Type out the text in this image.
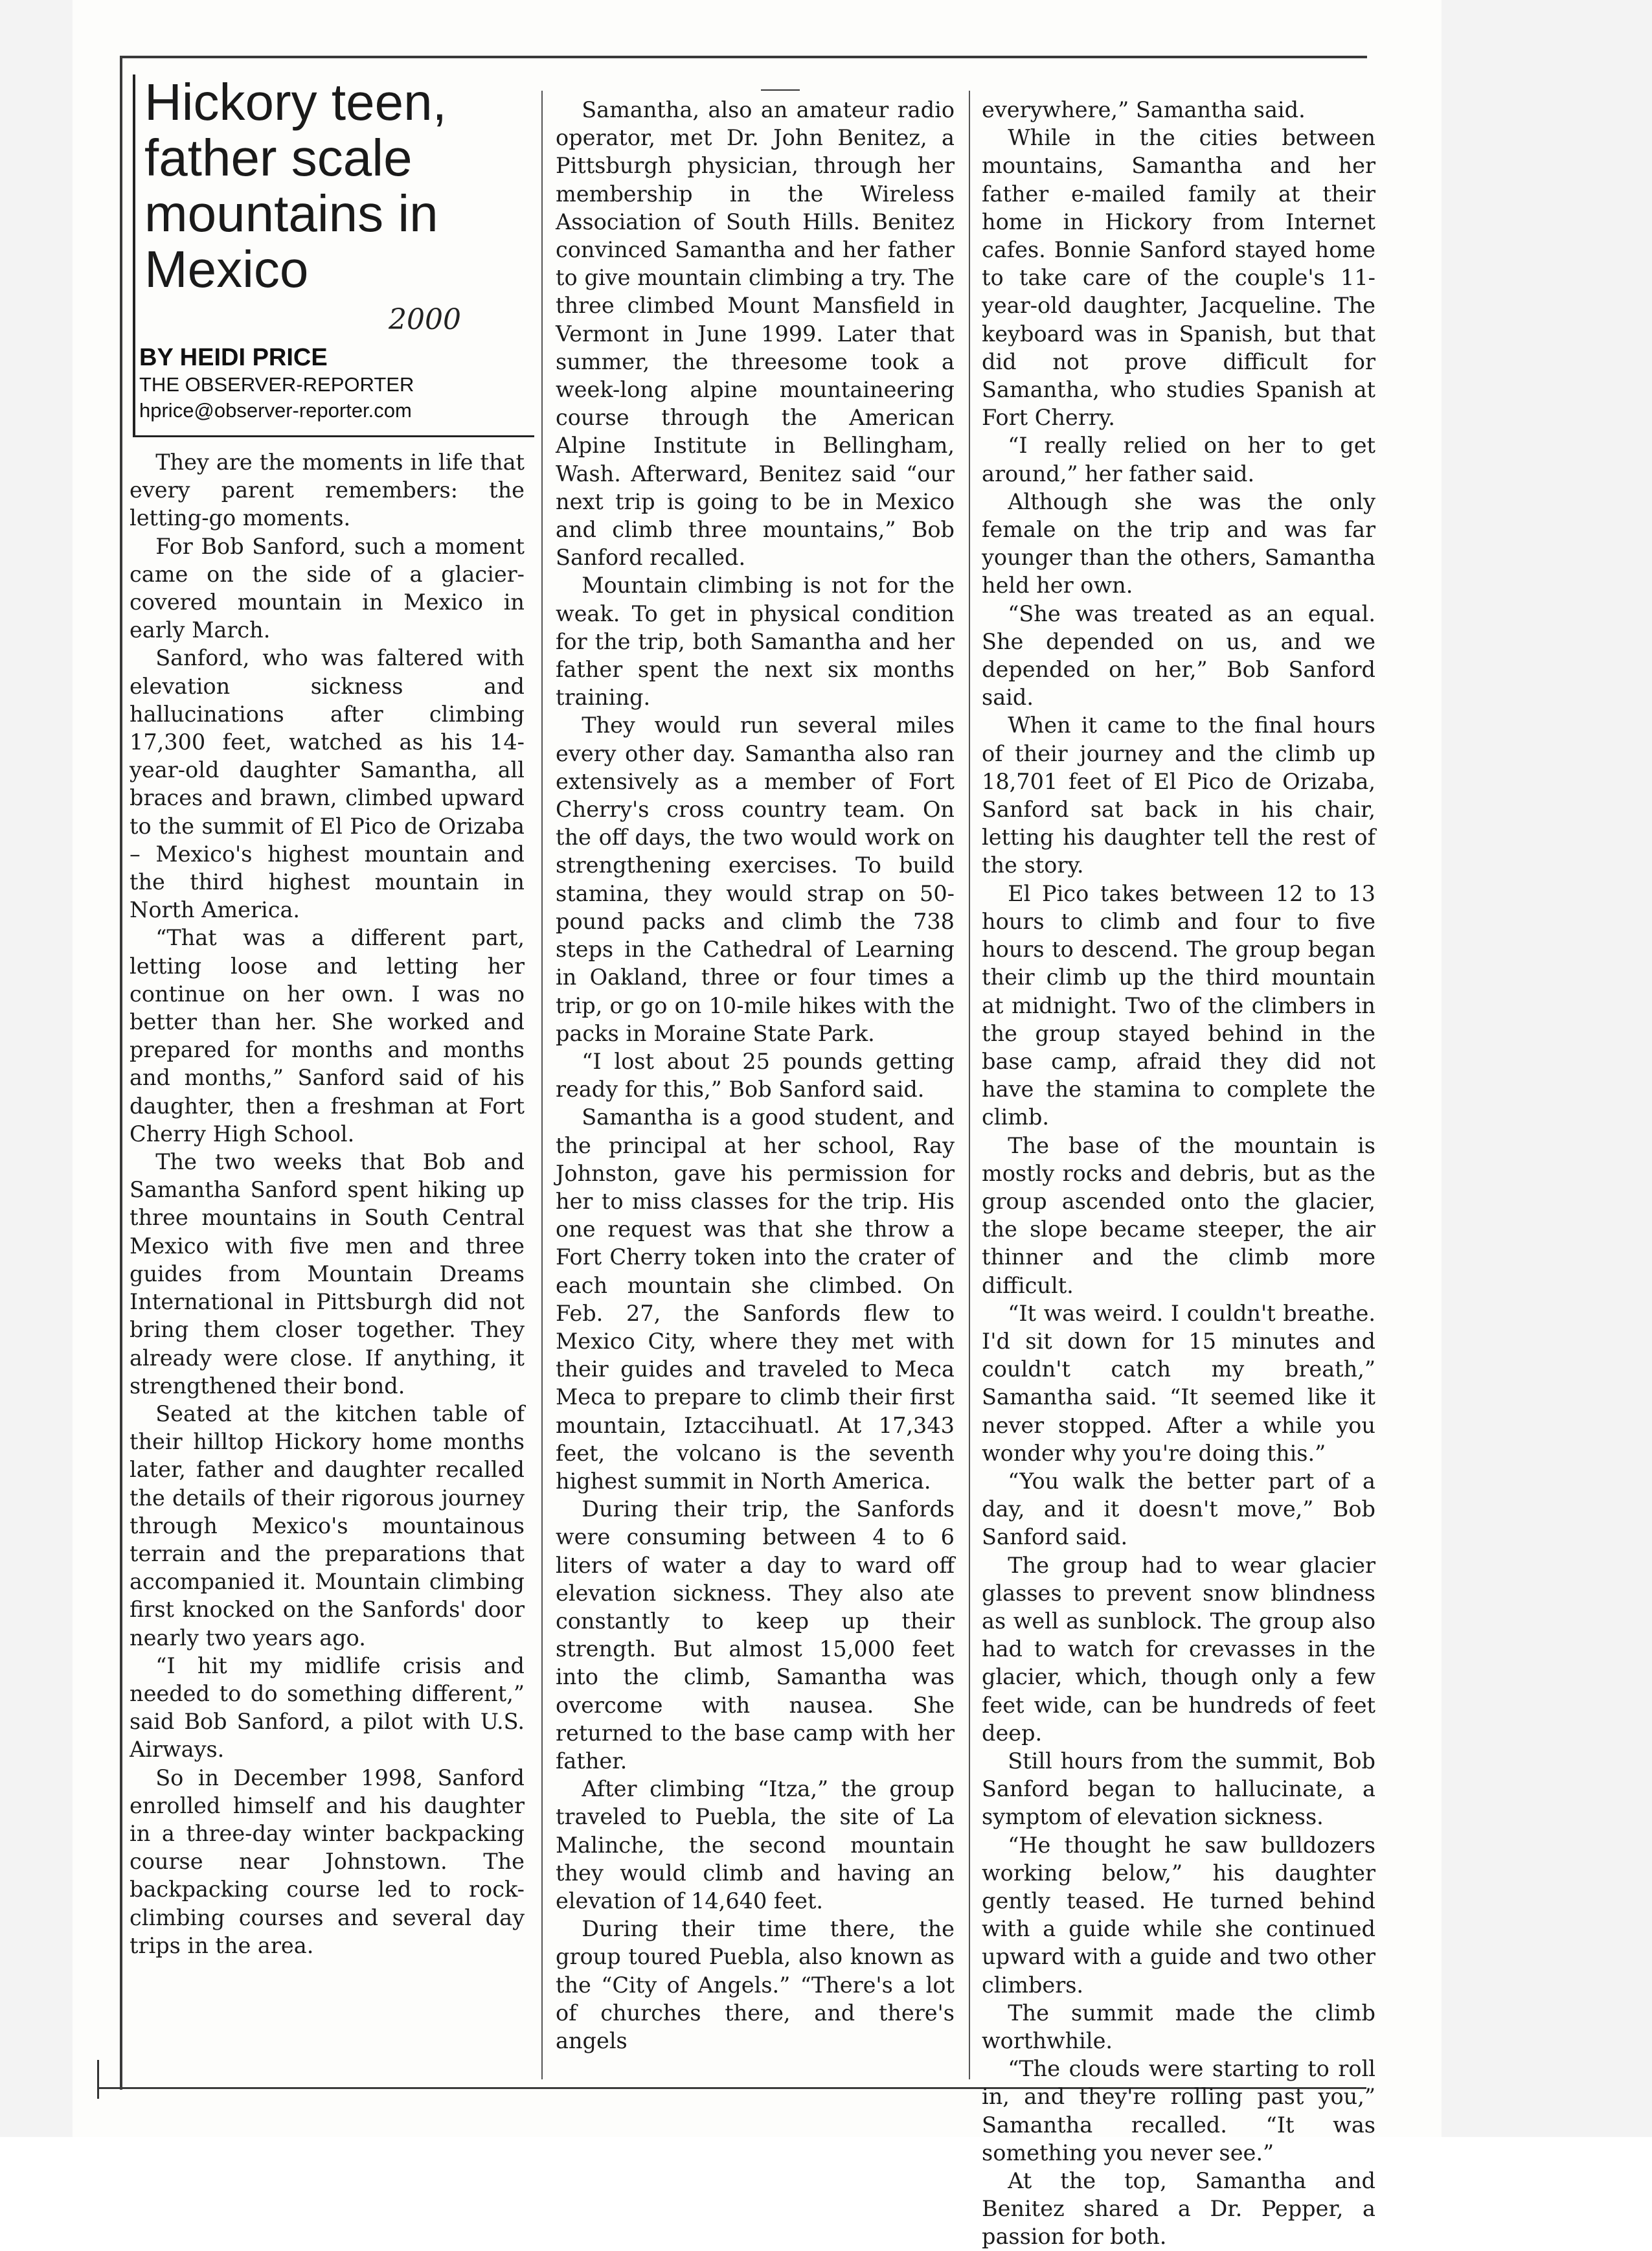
Hickory teen, father scale mountains in Mexico
2000

BY HEIDI PRICE

THE OBSERVER-REPORTER

hprice@observer-reporter.com

They are the moments in life that every parent remembers: the letting-go moments.

For Bob Sanford, such a moment came on the side of a glacier-covered mountain in Mexico in early March.

Sanford, who was faltered with elevation sickness and hallucinations after climbing 17,300 feet, watched as his 14-year-old daughter Samantha, all braces and brawn, climbed upward to the summit of El Pico de Orizaba – Mexico's highest mountain and the third highest mountain in North America.

“That was a different part, letting loose and letting her continue on her own. I was no better than her. She worked and prepared for months and months and months,” Sanford said of his daughter, then a freshman at Fort Cherry High School.

The two weeks that Bob and Samantha Sanford spent hiking up three mountains in South Central Mexico with five men and three guides from Mountain Dreams International in Pittsburgh did not bring them closer together. They already were close. If anything, it strengthened their bond.

Seated at the kitchen table of their hilltop Hickory home months later, father and daughter recalled the details of their rigorous journey through Mexico's mountainous terrain and the preparations that accompanied it. Mountain climbing first knocked on the Sanfords' door nearly two years ago.

“I hit my midlife crisis and needed to do something different,” said Bob Sanford, a pilot with U.S. Airways.

So in December 1998, Sanford enrolled himself and his daughter in a three-day winter backpacking course near Johnstown. The backpacking course led to rock-climbing courses and several day trips in the area.

Samantha, also an amateur radio operator, met Dr. John Benitez, a Pittsburgh physician, through her membership in the Wireless Association of South Hills. Benitez convinced Samantha and her father to give mountain climbing a try. The three climbed Mount Mansfield in Vermont in June 1999. Later that summer, the threesome took a week-long alpine mountaineering course through the American Alpine Institute in Bellingham, Wash. Afterward, Benitez said “our next trip is going to be in Mexico and climb three mountains,” Bob Sanford recalled.

Mountain climbing is not for the weak. To get in physical condition for the trip, both Samantha and her father spent the next six months training.

They would run several miles every other day. Samantha also ran extensively as a member of Fort Cherry's cross country team. On the off days, the two would work on strengthening exercises. To build stamina, they would strap on 50-pound packs and climb the 738 steps in the Cathedral of Learning in Oakland, three or four times a trip, or go on 10-mile hikes with the packs in Moraine State Park.

“I lost about 25 pounds getting ready for this,” Bob Sanford said.

Samantha is a good student, and the principal at her school, Ray Johnston, gave his permission for her to miss classes for the trip. His one request was that she throw a Fort Cherry token into the crater of each mountain she climbed. On Feb. 27, the Sanfords flew to Mexico City, where they met with their guides and traveled to Meca Meca to prepare to climb their first mountain, Iztaccihuatl. At 17,343 feet, the volcano is the seventh highest summit in North America.

During their trip, the Sanfords were consuming between 4 to 6 liters of water a day to ward off elevation sickness. They also ate constantly to keep up their strength. But almost 15,000 feet into the climb, Samantha was overcome with nausea. She returned to the base camp with her father.

After climbing “Itza,” the group traveled to Puebla, the site of La Malinche, the second mountain they would climb and having an elevation of 14,640 feet.

During their time there, the group toured Puebla, also known as the “City of Angels.” “There's a lot of churches there, and there's angels

everywhere,” Samantha said.

While in the cities between mountains, Samantha and her father e-mailed family at their home in Hickory from Internet cafes. Bonnie Sanford stayed home to take care of the couple's 11-year-old daughter, Jacqueline. The keyboard was in Spanish, but that did not prove difficult for Samantha, who studies Spanish at Fort Cherry.

“I really relied on her to get around,” her father said.

Although she was the only female on the trip and was far younger than the others, Samantha held her own.

“She was treated as an equal. She depended on us, and we depended on her,” Bob Sanford said.

When it came to the final hours of their journey and the climb up 18,701 feet of El Pico de Orizaba, Sanford sat back in his chair, letting his daughter tell the rest of the story.

El Pico takes between 12 to 13 hours to climb and four to five hours to descend. The group began their climb up the third mountain at midnight. Two of the climbers in the group stayed behind in the base camp, afraid they did not have the stamina to complete the climb.

The base of the mountain is mostly rocks and debris, but as the group ascended onto the glacier, the slope became steeper, the air thinner and the climb more difficult.

“It was weird. I couldn't breathe. I'd sit down for 15 minutes and couldn't catch my breath,” Samantha said. “It seemed like it never stopped. After a while you wonder why you're doing this.”

“You walk the better part of a day, and it doesn't move,” Bob Sanford said.

The group had to wear glacier glasses to prevent snow blindness as well as sunblock. The group also had to watch for crevasses in the glacier, which, though only a few feet wide, can be hundreds of feet deep.

Still hours from the summit, Bob Sanford began to hallucinate, a symptom of elevation sickness.

“He thought he saw bulldozers working below,” his daughter gently teased. He turned behind with a guide while she continued upward with a guide and two other climbers.

The summit made the climb worthwhile.

“The clouds were starting to roll in, and they're rolling past you,” Samantha recalled. “It was something you never see.”

At the top, Samantha and Benitez shared a Dr. Pepper, a passion for both.
